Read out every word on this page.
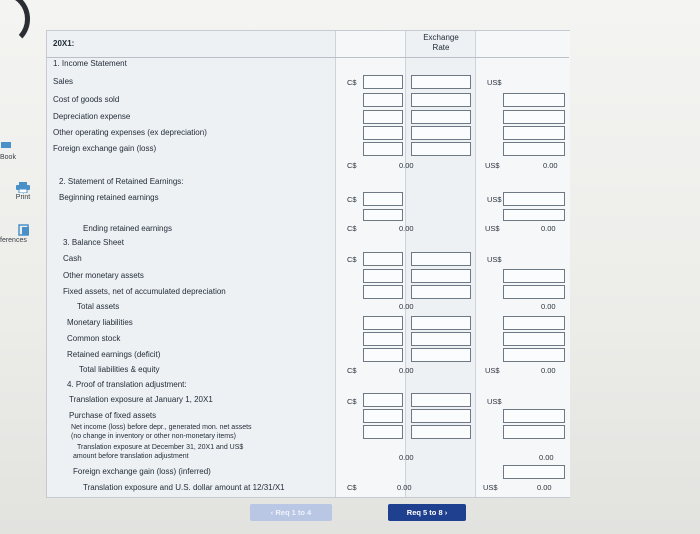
Book
Print
ferences
20X1:
Exchange Rate
1. Income Statement
Sales	C$	US$
Cost of goods sold
Depreciation expense
Other operating expenses (ex depreciation)
Foreign exchange gain (loss)
C$	0.00	US$	0.00
2. Statement of Retained Earnings:
Beginning retained earnings	C$	US$
Ending retained earnings	C$	0.00	US$	0.00
3. Balance Sheet
Cash	C$	US$
Other monetary assets
Fixed assets, net of accumulated depreciation
Total assets	0.00	0.00
Monetary liabilities
Common stock
Retained earnings (deficit)
Total liabilities & equity	C$	0.00	US$	0.00
4. Proof of translation adjustment:
Translation exposure at January 1, 20X1	C$	US$
Purchase of fixed assets
Net income (loss) before depr., generated mon. net assets
(no change in inventory or other non-monetary items)
Translation exposure at December 31, 20X1 and US$
amount before translation adjustment	0.00	0.00
Foreign exchange gain (loss) (inferred)
Translation exposure and U.S. dollar amount at 12/31/X1	C$	0.00	US$	0.00
‹ Req 1 to 4	Req 5 to 8 ›
